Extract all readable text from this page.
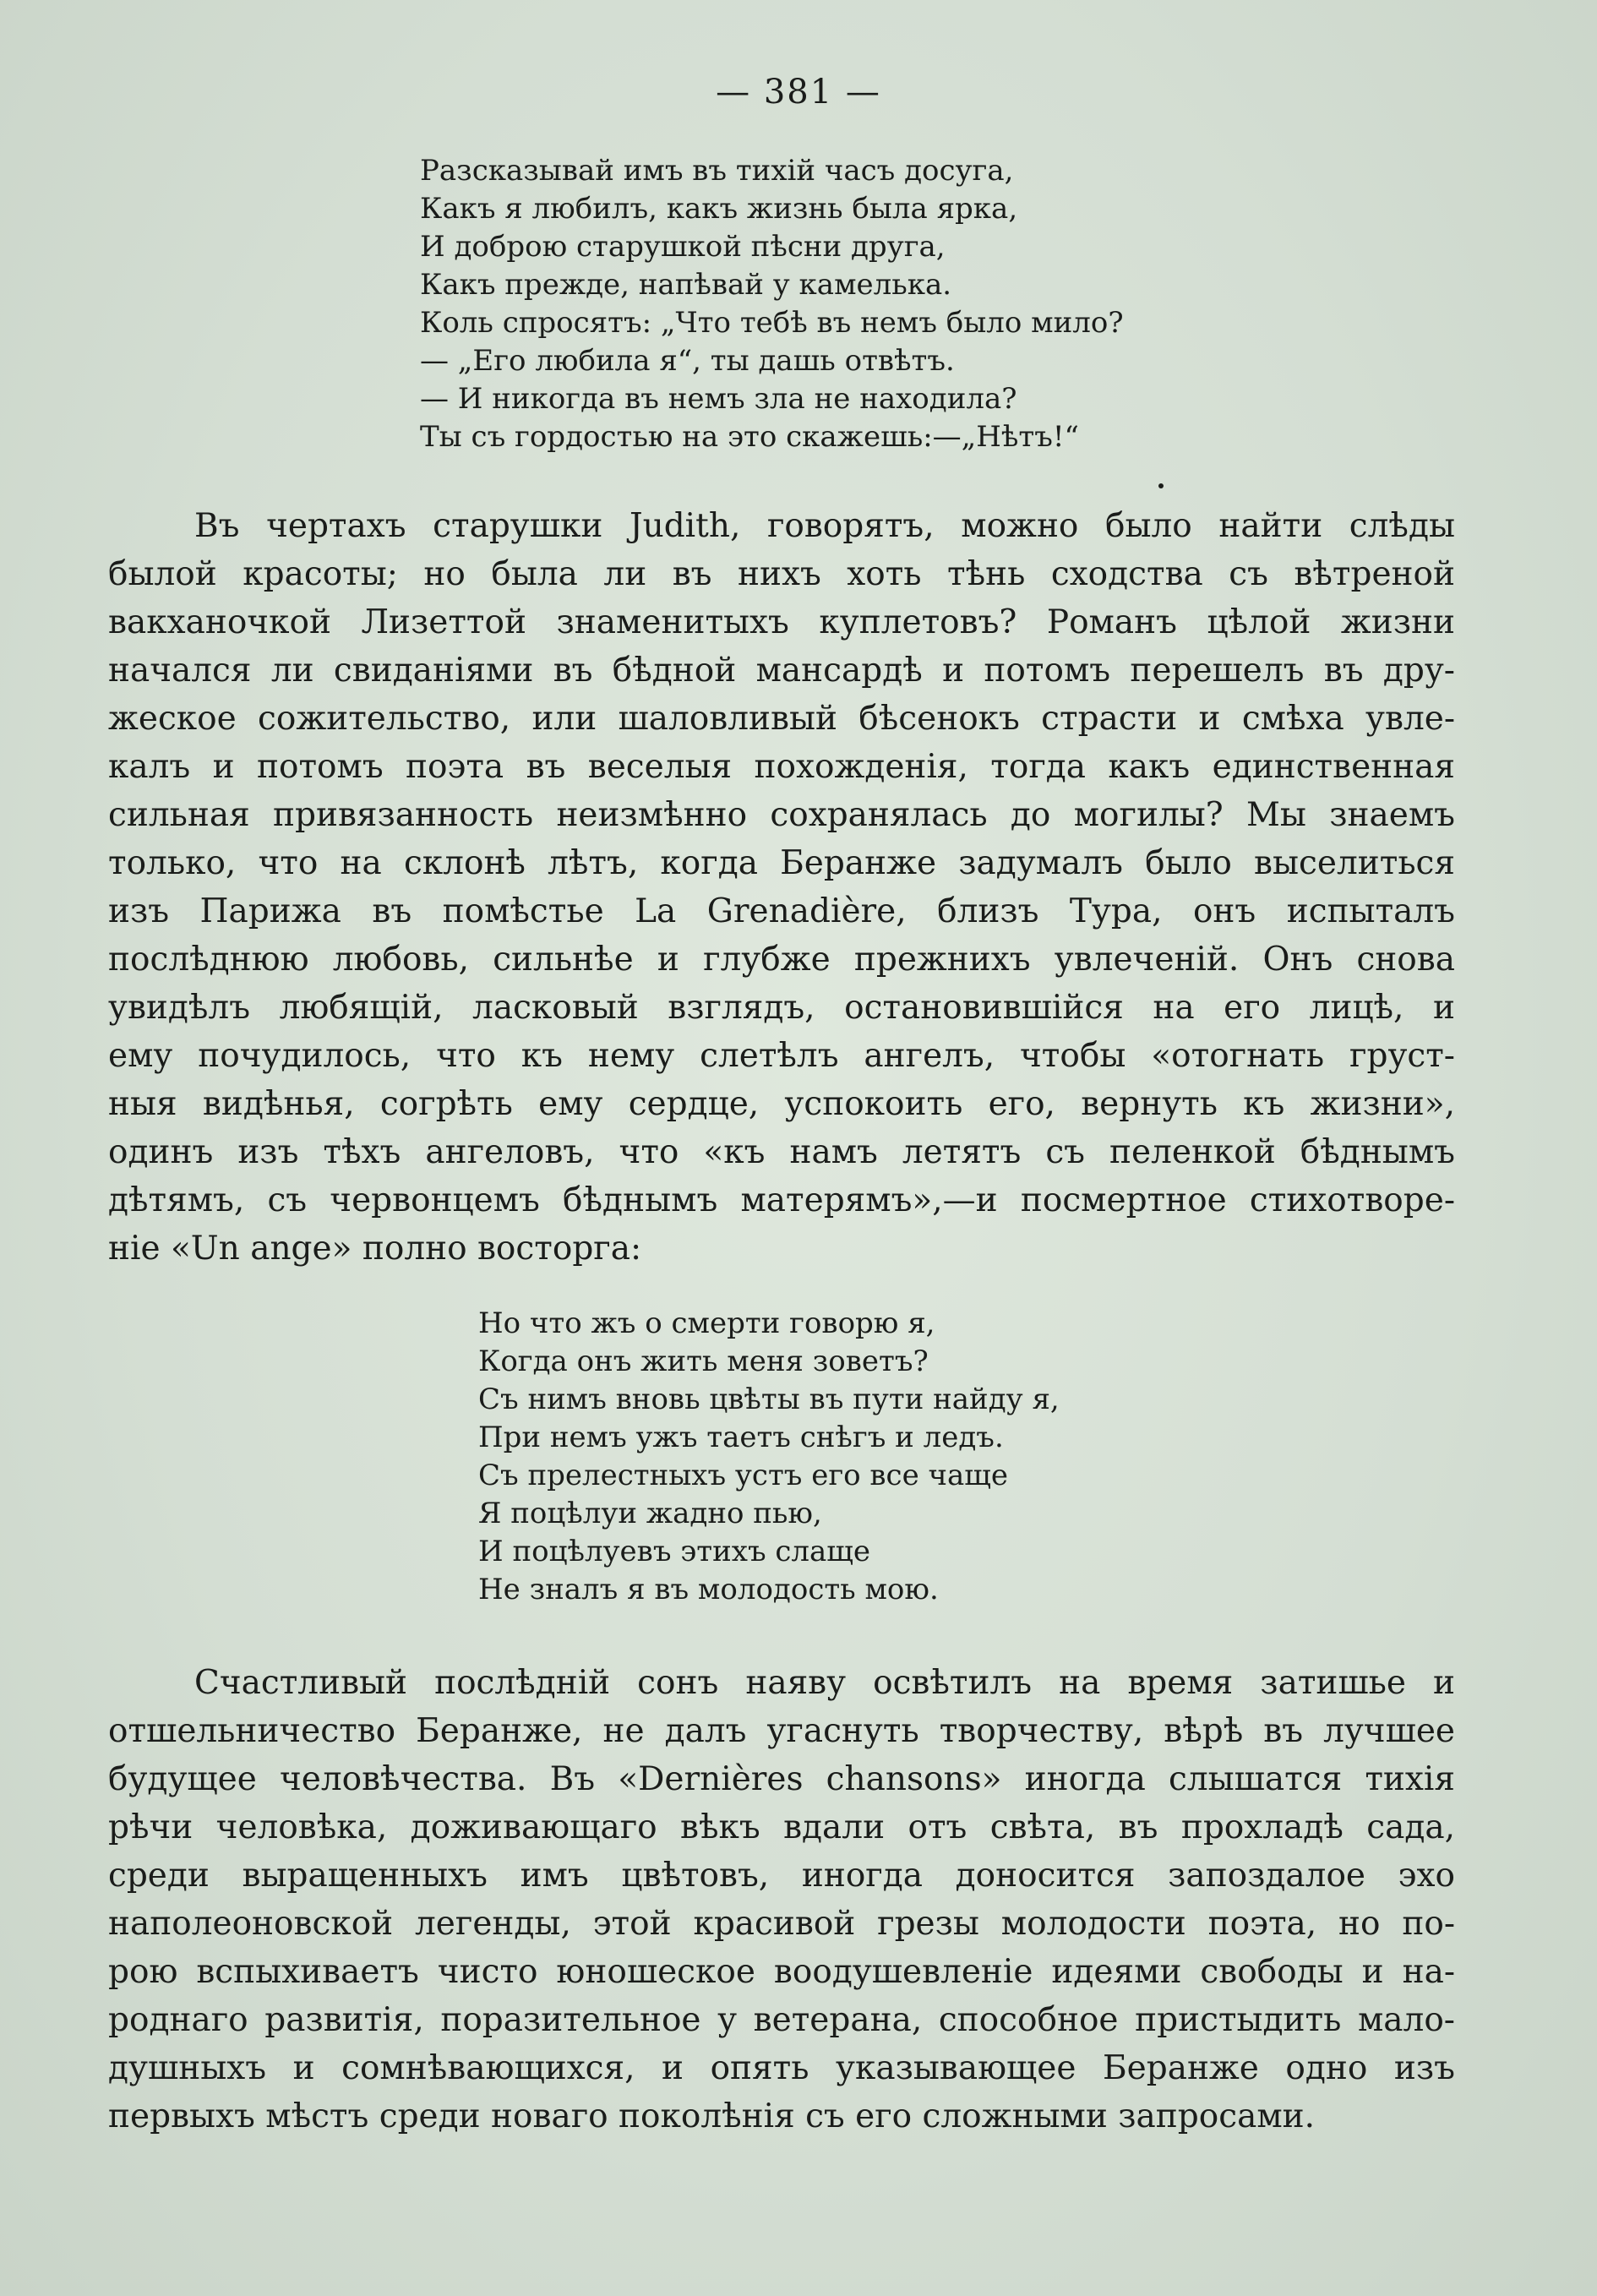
— 381 —
Разсказывай имъ въ тихій часъ досуга,
Какъ я любилъ, какъ жизнь была ярка,
И доброю старушкой пѣсни друга,
Какъ прежде, напѣвай у камелька.
Коль спросятъ: „Что тебѣ въ немъ было мило?
— „Его любила я“, ты дашь отвѣтъ.
— И никогда въ немъ зла не находила?
Ты съ гордостью на это скажешь:—„Нѣтъ!“
Въ чертахъ старушки Judith, говорятъ, можно было найти слѣды
былой красоты; но была ли въ нихъ хоть тѣнь сходства съ вѣтреной
вакханочкой Лизеттой знаменитыхъ куплетовъ? Романъ цѣлой жизни
начался ли свиданіями въ бѣдной мансардѣ и потомъ перешелъ въ дру-
жеское сожительство, или шаловливый бѣсенокъ страсти и смѣха увле-
калъ и потомъ поэта въ веселыя похожденія, тогда какъ единственная
сильная привязанность неизмѣнно сохранялась до могилы? Мы знаемъ
только, что на склонѣ лѣтъ, когда Беранже задумалъ было выселиться
изъ Парижа въ помѣстье La Grenadière, близъ Тура, онъ испыталъ
послѣднюю любовь, сильнѣе и глубже прежнихъ увлеченій. Онъ снова
увидѣлъ любящій, ласковый взглядъ, остановившійся на его лицѣ, и
ему почудилось, что къ нему слетѣлъ ангелъ, чтобы «отогнать груст-
ныя видѣнья, согрѣть ему сердце, успокоить его, вернуть къ жизни»,
одинъ изъ тѣхъ ангеловъ, что «къ намъ летятъ съ пеленкой бѣднымъ
дѣтямъ, съ червонцемъ бѣднымъ матерямъ»,—и посмертное стихотворе-
ніе «Un ange» полно восторга:
Но что жъ о смерти говорю я,
Когда онъ жить меня зоветъ?
Съ нимъ вновь цвѣты въ пути найду я,
При немъ ужъ таетъ снѣгъ и ледъ.
Съ прелестныхъ устъ его все чаще
Я поцѣлуи жадно пью,
И поцѣлуевъ этихъ слаще
Не зналъ я въ молодость мою.
Счастливый послѣдній сонъ наяву освѣтилъ на время затишье и
отшельничество Беранже, не далъ угаснуть творчеству, вѣрѣ въ лучшее
будущее человѣчества. Въ «Dernières chansons» иногда слышатся тихія
рѣчи человѣка, доживающаго вѣкъ вдали отъ свѣта, въ прохладѣ сада,
среди выращенныхъ имъ цвѣтовъ, иногда доносится запоздалое эхо
наполеоновской легенды, этой красивой грезы молодости поэта, но по-
рою вспыхиваетъ чисто юношеское воодушевленіе идеями свободы и на-
роднаго развитія, поразительное у ветерана, способное пристыдить мало-
душныхъ и сомнѣвающихся, и опять указывающее Беранже одно изъ
первыхъ мѣстъ среди новаго поколѣнія съ его сложными запросами.
